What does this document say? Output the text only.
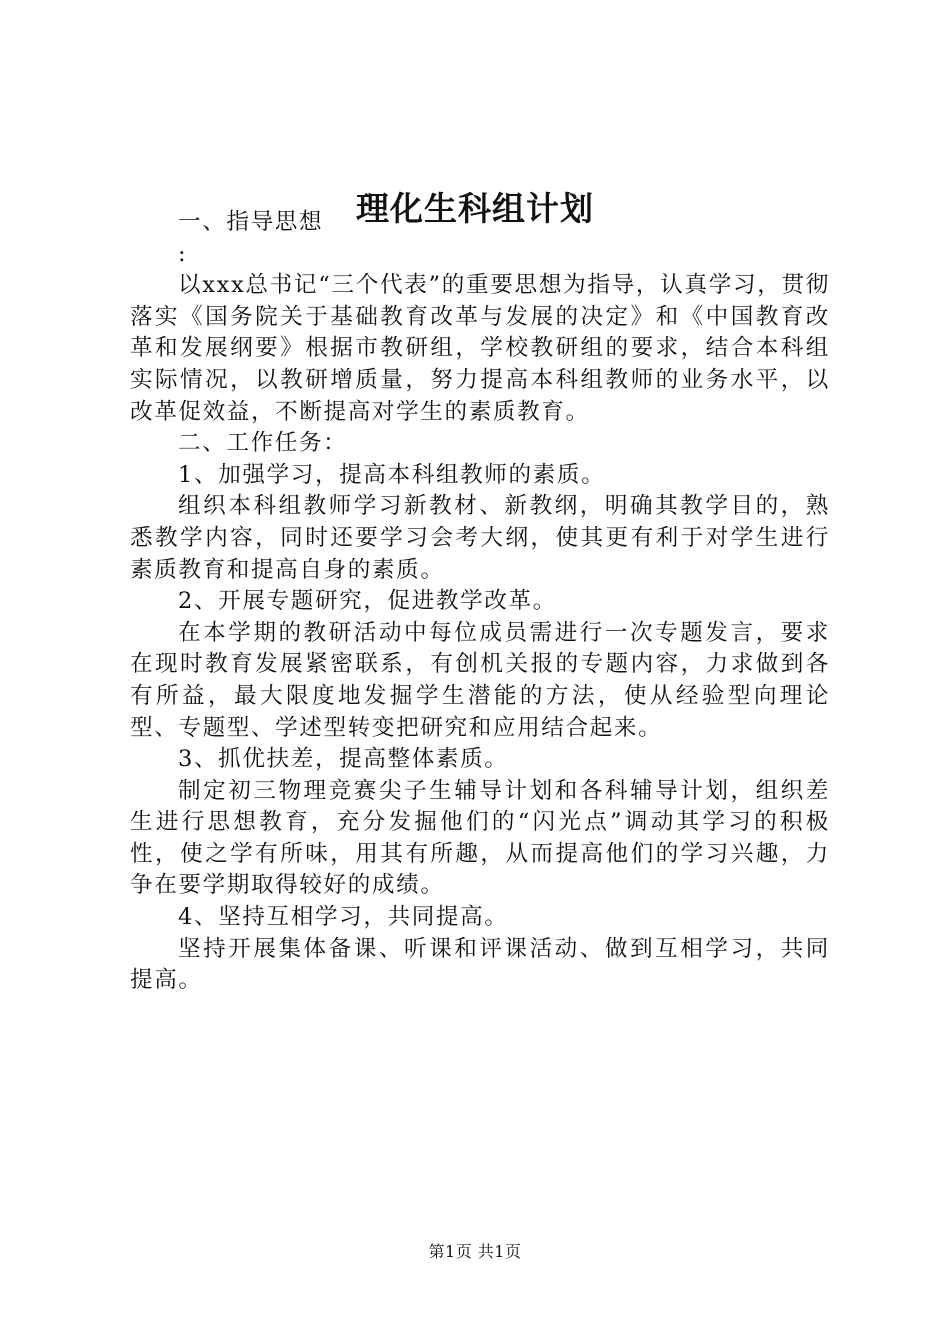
理化生科组计划

一、指导思想

:

以xxx总书记“三个代表”的重要思想为指导，认真学习，贯彻落实《国务院关于基础教育改革与发展的决定》和《中国教育改革和发展纲要》根据市教研组，学校教研组的要求，结合本科组实际情况，以教研增质量，努力提高本科组教师的业务水平，以改革促效益，不断提高对学生的素质教育。

二、工作任务：

1、加强学习，提高本科组教师的素质。

组织本科组教师学习新教材、新教纲，明确其教学目的，熟悉教学内容，同时还要学习会考大纲，使其更有利于对学生进行素质教育和提高自身的素质。

2、开展专题研究，促进教学改革。

在本学期的教研活动中每位成员需进行一次专题发言，要求在现时教育发展紧密联系，有创机关报的专题内容，力求做到各有所益，最大限度地发掘学生潜能的方法，使从经验型向理论型、专题型、学述型转变把研究和应用结合起来。

3、抓优扶差，提高整体素质。

制定初三物理竞赛尖子生辅导计划和各科辅导计划，组织差生进行思想教育，充分发掘他们的“闪光点”调动其学习的积极性，使之学有所味，用其有所趣，从而提高他们的学习兴趣，力争在要学期取得较好的成绩。

4、坚持互相学习，共同提高。

坚持开展集体备课、听课和评课活动、做到互相学习，共同提高。

第1页 共1页
